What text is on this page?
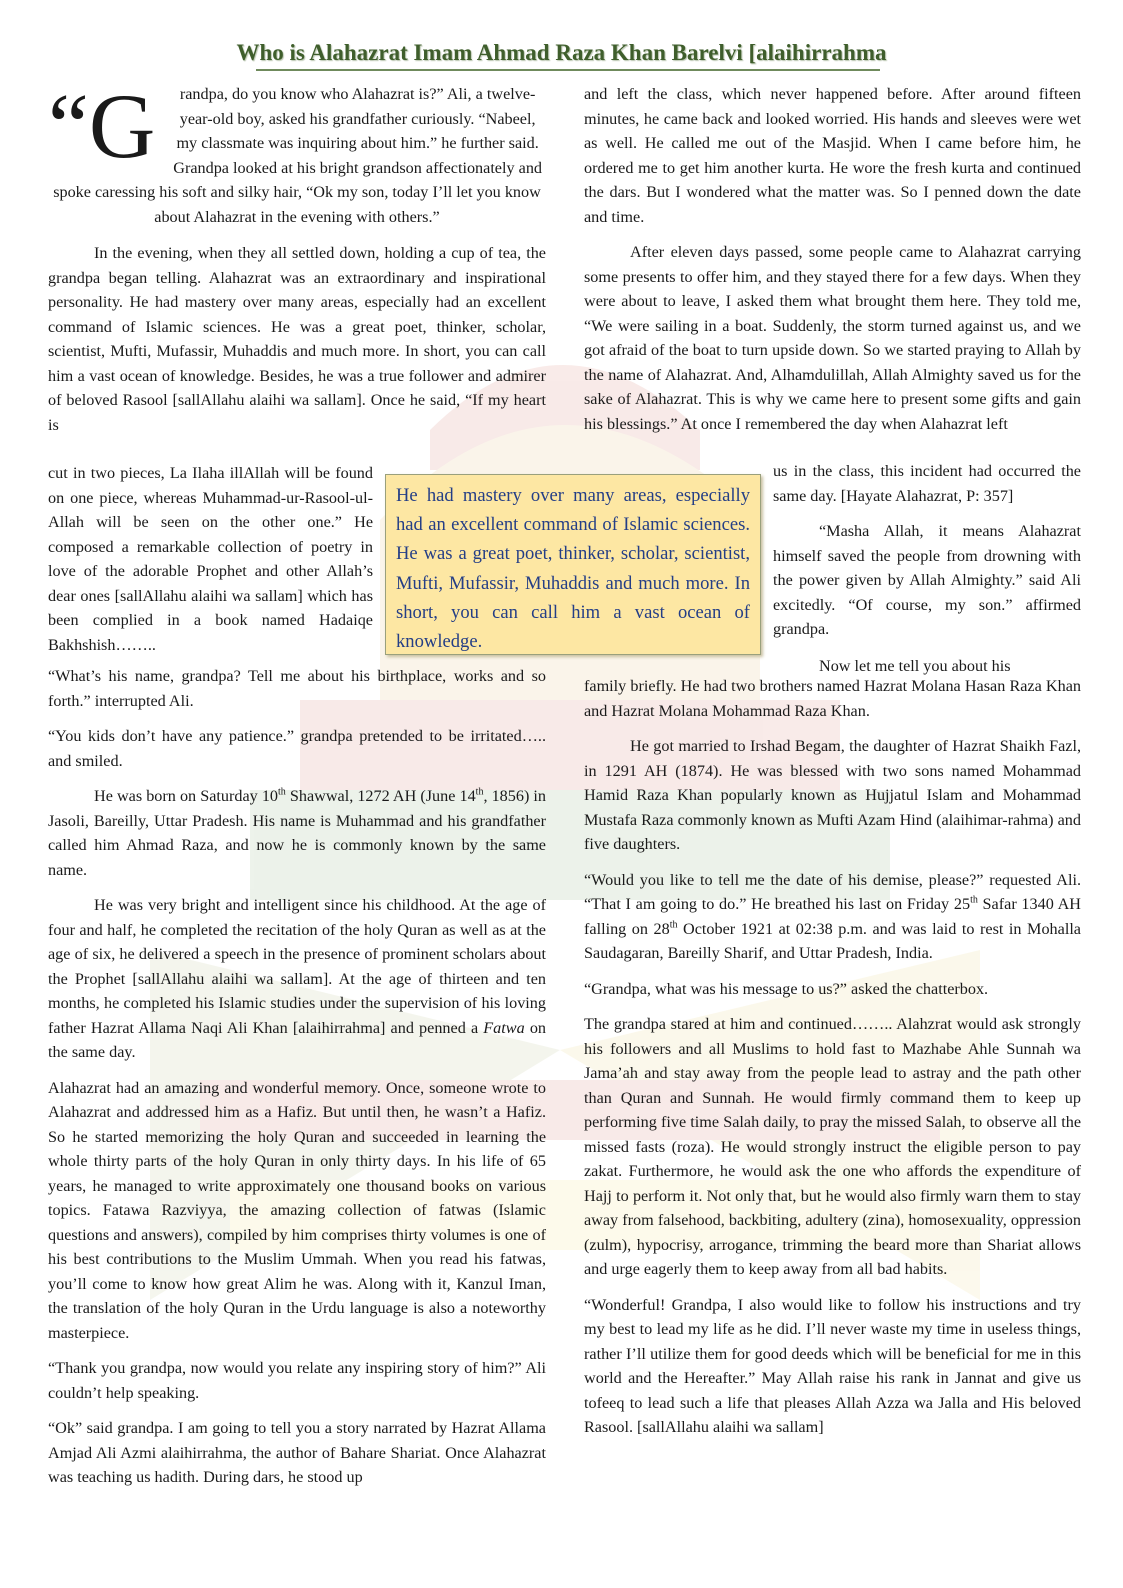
Who is Alahazrat Imam Ahmad Raza Khan Barelvi [alaihirrahma
“G	randpa, do you know who Alahazrat is?” Ali, a twelve-year-old boy, asked his grandfather curiously. “Nabeel, my classmate was inquiring about him.” he further said. Grandpa looked at his bright grandson affectionately and spoke caressing his soft and silky hair, “Ok my son, today I’ll let you know about Alahazrat in the evening with others.”

In the evening, when they all settled down, holding a cup of tea, the grandpa began telling. Alahazrat was an extraordinary and inspirational personality. He had mastery over many areas, especially had an excellent command of Islamic sciences. He was a great poet, thinker, scholar, scientist, Mufti, Mufassir, Muhaddis and much more. In short, you can call him a vast ocean of knowledge. Besides, he was a true follower and admirer of beloved Rasool [sallAllahu alaihi wa sallam]. Once he said, “If my heart is

cut in two pieces, La Ilaha illAllah will be found on one piece, whereas Muhammad-ur-Rasool-ul-Allah will be seen on the other one.” He composed a remarkable collection of poetry in love of the adorable Prophet and other Allah’s dear ones [sallAllahu alaihi wa sallam] which has been complied in a book named Hadaiqe Bakhshish……..

“What’s his name, grandpa? Tell me about his birthplace, works and so forth.” interrupted Ali.

“You kids don’t have any patience.” grandpa pretended to be irritated….. and smiled.

He was born on Saturday 10th Shawwal, 1272 AH (June 14th, 1856) in Jasoli, Bareilly, Uttar Pradesh. His name is Muhammad and his grandfather called him Ahmad Raza, and now he is commonly known by the same name.

He was very bright and intelligent since his childhood. At the age of four and half, he completed the recitation of the holy Quran as well as at the age of six, he delivered a speech in the presence of prominent scholars about the Prophet [sallAllahu alaihi wa sallam]. At the age of thirteen and ten months, he completed his Islamic studies under the supervision of his loving father Hazrat Allama Naqi Ali Khan [alaihirrahma] and penned a Fatwa on the same day.

Alahazrat had an amazing and wonderful memory. Once, someone wrote to Alahazrat and addressed him as a Hafiz. But until then, he wasn’t a Hafiz. So he started memorizing the holy Quran and succeeded in learning the whole thirty parts of the holy Quran in only thirty days. In his life of 65 years, he managed to write approximately one thousand books on various topics. Fatawa Razviyya, the amazing collection of fatwas (Islamic questions and answers), compiled by him comprises thirty volumes is one of his best contributions to the Muslim Ummah. When you read his fatwas, you’ll come to know how great Alim he was. Along with it, Kanzul Iman, the translation of the holy Quran in the Urdu language is also a noteworthy masterpiece.

“Thank you grandpa, now would you relate any inspiring story of him?” Ali couldn’t help speaking.

“Ok” said grandpa. I am going to tell you a story narrated by Hazrat Allama Amjad Ali Azmi alaihirrahma, the author of Bahare Shariat. Once Alahazrat was teaching us hadith. During dars, he stood up

He had mastery over many areas, especially had an excellent command of Islamic sciences. He was a great poet, thinker, scholar, scientist, Mufti, Mufassir, Muhaddis and much more. In short, you can call him a vast ocean of knowledge.

and left the class, which never happened before. After around fifteen minutes, he came back and looked worried. His hands and sleeves were wet as well. He called me out of the Masjid. When I came before him, he ordered me to get him another kurta. He wore the fresh kurta and continued the dars. But I wondered what the matter was. So I penned down the date and time.

After eleven days passed, some people came to Alahazrat carrying some presents to offer him, and they stayed there for a few days. When they were about to leave, I asked them what brought them here. They told me, “We were sailing in a boat. Suddenly, the storm turned against us, and we got afraid of the boat to turn upside down. So we started praying to Allah by the name of Alahazrat. And, Alhamdulillah, Allah Almighty saved us for the sake of Alahazrat. This is why we came here to present some gifts and gain his blessings.” At once I remembered the day when Alahazrat left

us in the class, this incident had occurred the same day. [Hayate Alahazrat, P: 357]

“Masha Allah, it means Alahazrat himself saved the people from drowning with the power given by Allah Almighty.” said Ali excitedly. “Of course, my son.” affirmed grandpa.

Now let me tell you about his

family briefly. He had two brothers named Hazrat Molana Hasan Raza Khan and Hazrat Molana Mohammad Raza Khan.

He got married to Irshad Begam, the daughter of Hazrat Shaikh Fazl, in 1291 AH (1874). He was blessed with two sons named Mohammad Hamid Raza Khan popularly known as Hujjatul Islam and Mohammad Mustafa Raza commonly known as Mufti Azam Hind (alaihimar-rahma) and five daughters.

“Would you like to tell me the date of his demise, please?” requested Ali. “That I am going to do.” He breathed his last on Friday 25th Safar 1340 AH falling on 28th October 1921 at 02:38 p.m. and was laid to rest in Mohalla Saudagaran, Bareilly Sharif, and Uttar Pradesh, India.

“Grandpa, what was his message to us?” asked the chatterbox.

The grandpa stared at him and continued…….. Alahzrat would ask strongly his followers and all Muslims to hold fast to Mazhabe Ahle Sunnah wa Jama’ah and stay away from the people lead to astray and the path other than Quran and Sunnah. He would firmly command them to keep up performing five time Salah daily, to pray the missed Salah, to observe all the missed fasts (roza). He would strongly instruct the eligible person to pay zakat. Furthermore, he would ask the one who affords the expenditure of Hajj to perform it. Not only that, but he would also firmly warn them to stay away from falsehood, backbiting, adultery (zina), homosexuality, oppression (zulm), hypocrisy, arrogance, trimming the beard more than Shariat allows and urge eagerly them to keep away from all bad habits.

“Wonderful! Grandpa, I also would like to follow his instructions and try my best to lead my life as he did. I’ll never waste my time in useless things, rather I’ll utilize them for good deeds which will be beneficial for me in this world and the Hereafter.” May Allah raise his rank in Jannat and give us tofeeq to lead such a life that pleases Allah Azza wa Jalla and His beloved Rasool. [sallAllahu alaihi wa sallam]
